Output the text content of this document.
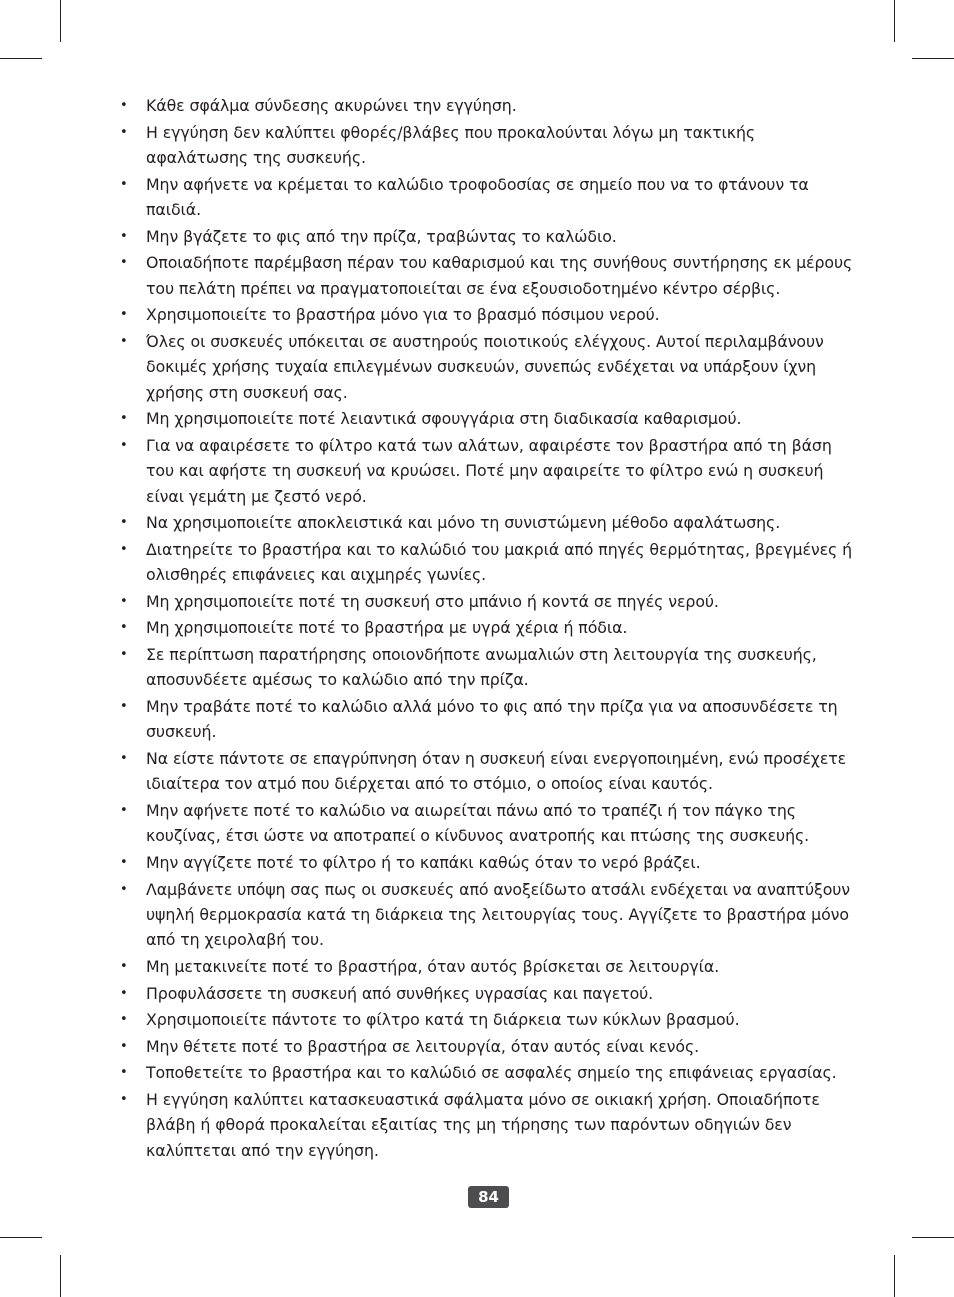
• Κάθε σφάλμα σύνδεσης ακυρώνει την εγγύηση.
• Η εγγύηση δεν καλύπτει φθορές/βλάβες που προκαλούνται λόγω μη τακτικής αφαλάτωσης της συσκευής.
• Μην αφήνετε να κρέμεται το καλώδιο τροφοδοσίας σε σημείο που να το φτάνουν τα παιδιά.
• Μην βγάζετε το φις από την πρίζα, τραβώντας το καλώδιο.
• Οποιαδήποτε παρέμβαση πέραν του καθαρισμού και της συνήθους συντήρησης εκ μέρους του πελάτη πρέπει να πραγματοποιείται σε ένα εξουσιοδοτημένο κέντρο σέρβις.
• Χρησιμοποιείτε το βραστήρα μόνο για το βρασμό πόσιμου νερού.
• Όλες οι συσκευές υπόκειται σε αυστηρούς ποιοτικούς ελέγχους. Αυτοί περιλαμβάνουν δοκιμές χρήσης τυχαία επιλεγμένων συσκευών, συνεπώς ενδέχεται να υπάρξουν ίχνη χρήσης στη συσκευή σας.
• Μη χρησιμοποιείτε ποτέ λειαντικά σφουγγάρια στη διαδικασία καθαρισμού.
• Για να αφαιρέσετε το φίλτρο κατά των αλάτων, αφαιρέστε τον βραστήρα από τη βάση του και αφήστε τη συσκευή να κρυώσει. Ποτέ μην αφαιρείτε το φίλτρο ενώ η συσκευή είναι γεμάτη με ζεστό νερό.
• Να χρησιμοποιείτε αποκλειστικά και μόνο τη συνιστώμενη μέθοδο αφαλάτωσης.
• Διατηρείτε το βραστήρα και το καλώδιό του μακριά από πηγές θερμότητας, βρεγμένες ή ολισθηρές επιφάνειες και αιχμηρές γωνίες.
• Μη χρησιμοποιείτε ποτέ τη συσκευή στο μπάνιο ή κοντά σε πηγές νερού.
• Μη χρησιμοποιείτε ποτέ το βραστήρα με υγρά χέρια ή πόδια.
• Σε περίπτωση παρατήρησης οποιονδήποτε ανωμαλιών στη λειτουργία της συσκευής, αποσυνδέετε αμέσως το καλώδιο από την πρίζα.
• Μην τραβάτε ποτέ το καλώδιο αλλά μόνο το φις από την πρίζα για να αποσυνδέσετε τη συσκευή.
• Να είστε πάντοτε σε επαγρύπνηση όταν η συσκευή είναι ενεργοποιημένη, ενώ προσέχετε ιδιαίτερα τον ατμό που διέρχεται από το στόμιο, ο οποίος είναι καυτός.
• Μην αφήνετε ποτέ το καλώδιο να αιωρείται πάνω από το τραπέζι ή τον πάγκο της κουζίνας, έτσι ώστε να αποτραπεί ο κίνδυνος ανατροπής και πτώσης της συσκευής.
• Μην αγγίζετε ποτέ το φίλτρο ή το καπάκι καθώς όταν το νερό βράζει.
• Λαμβάνετε υπόψη σας πως οι συσκευές από ανοξείδωτο ατσάλι ενδέχεται να αναπτύξουν υψηλή θερμοκρασία κατά τη διάρκεια της λειτουργίας τους. Αγγίζετε το βραστήρα μόνο από τη χειρολαβή του.
• Μη μετακινείτε ποτέ το βραστήρα, όταν αυτός βρίσκεται σε λειτουργία.
• Προφυλάσσετε τη συσκευή από συνθήκες υγρασίας και παγετού.
• Χρησιμοποιείτε πάντοτε το φίλτρο κατά τη διάρκεια των κύκλων βρασμού.
• Μην θέτετε ποτέ το βραστήρα σε λειτουργία, όταν αυτός είναι κενός.
• Τοποθετείτε το βραστήρα και το καλώδιό σε ασφαλές σημείο της επιφάνειας εργασίας.
• Η εγγύηση καλύπτει κατασκευαστικά σφάλματα μόνο σε οικιακή χρήση. Οποιαδήποτε βλάβη ή φθορά προκαλείται εξαιτίας της μη τήρησης των παρόντων οδηγιών δεν καλύπτεται από την εγγύηση.
84
